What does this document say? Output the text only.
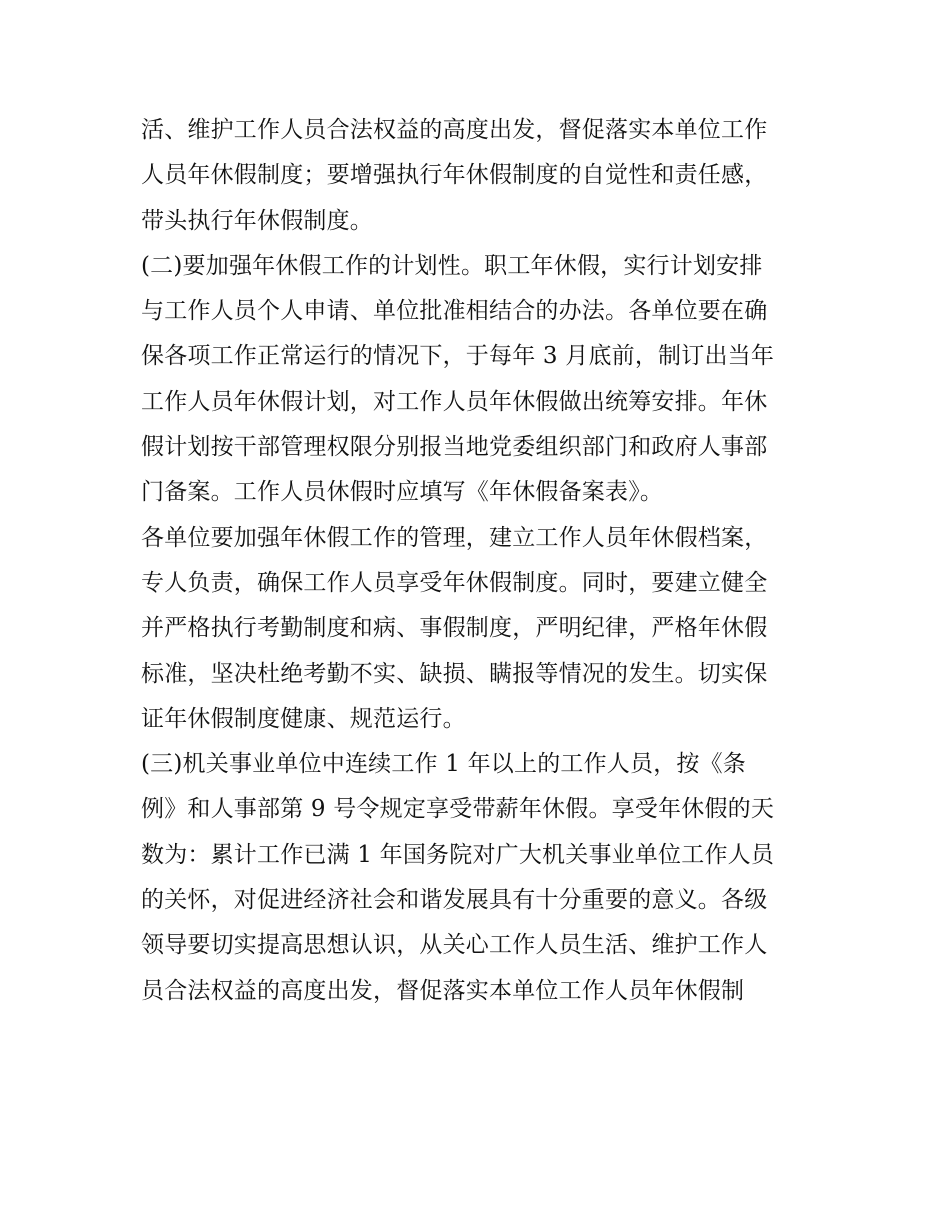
活、维护工作人员合法权益的高度出发，督促落实本单位工作
人员年休假制度；要增强执行年休假制度的自觉性和责任感，
带头执行年休假制度。
(二)要加强年休假工作的计划性。职工年休假，实行计划安排
与工作人员个人申请、单位批准相结合的办法。各单位要在确
保各项工作正常运行的情况下，于每年 3 月底前，制订出当年
工作人员年休假计划，对工作人员年休假做出统筹安排。年休
假计划按干部管理权限分别报当地党委组织部门和政府人事部
门备案。工作人员休假时应填写《年休假备案表》。
各单位要加强年休假工作的管理，建立工作人员年休假档案，
专人负责，确保工作人员享受年休假制度。同时，要建立健全
并严格执行考勤制度和病、事假制度，严明纪律，严格年休假
标准，坚决杜绝考勤不实、缺损、瞒报等情况的发生。切实保
证年休假制度健康、规范运行。
(三)机关事业单位中连续工作 1 年以上的工作人员，按《条
例》和人事部第 9 号令规定享受带薪年休假。享受年休假的天
数为：累计工作已满 1 年国务院对广大机关事业单位工作人员
的关怀，对促进经济社会和谐发展具有十分重要的意义。各级
领导要切实提高思想认识，从关心工作人员生活、维护工作人
员合法权益的高度出发，督促落实本单位工作人员年休假制
